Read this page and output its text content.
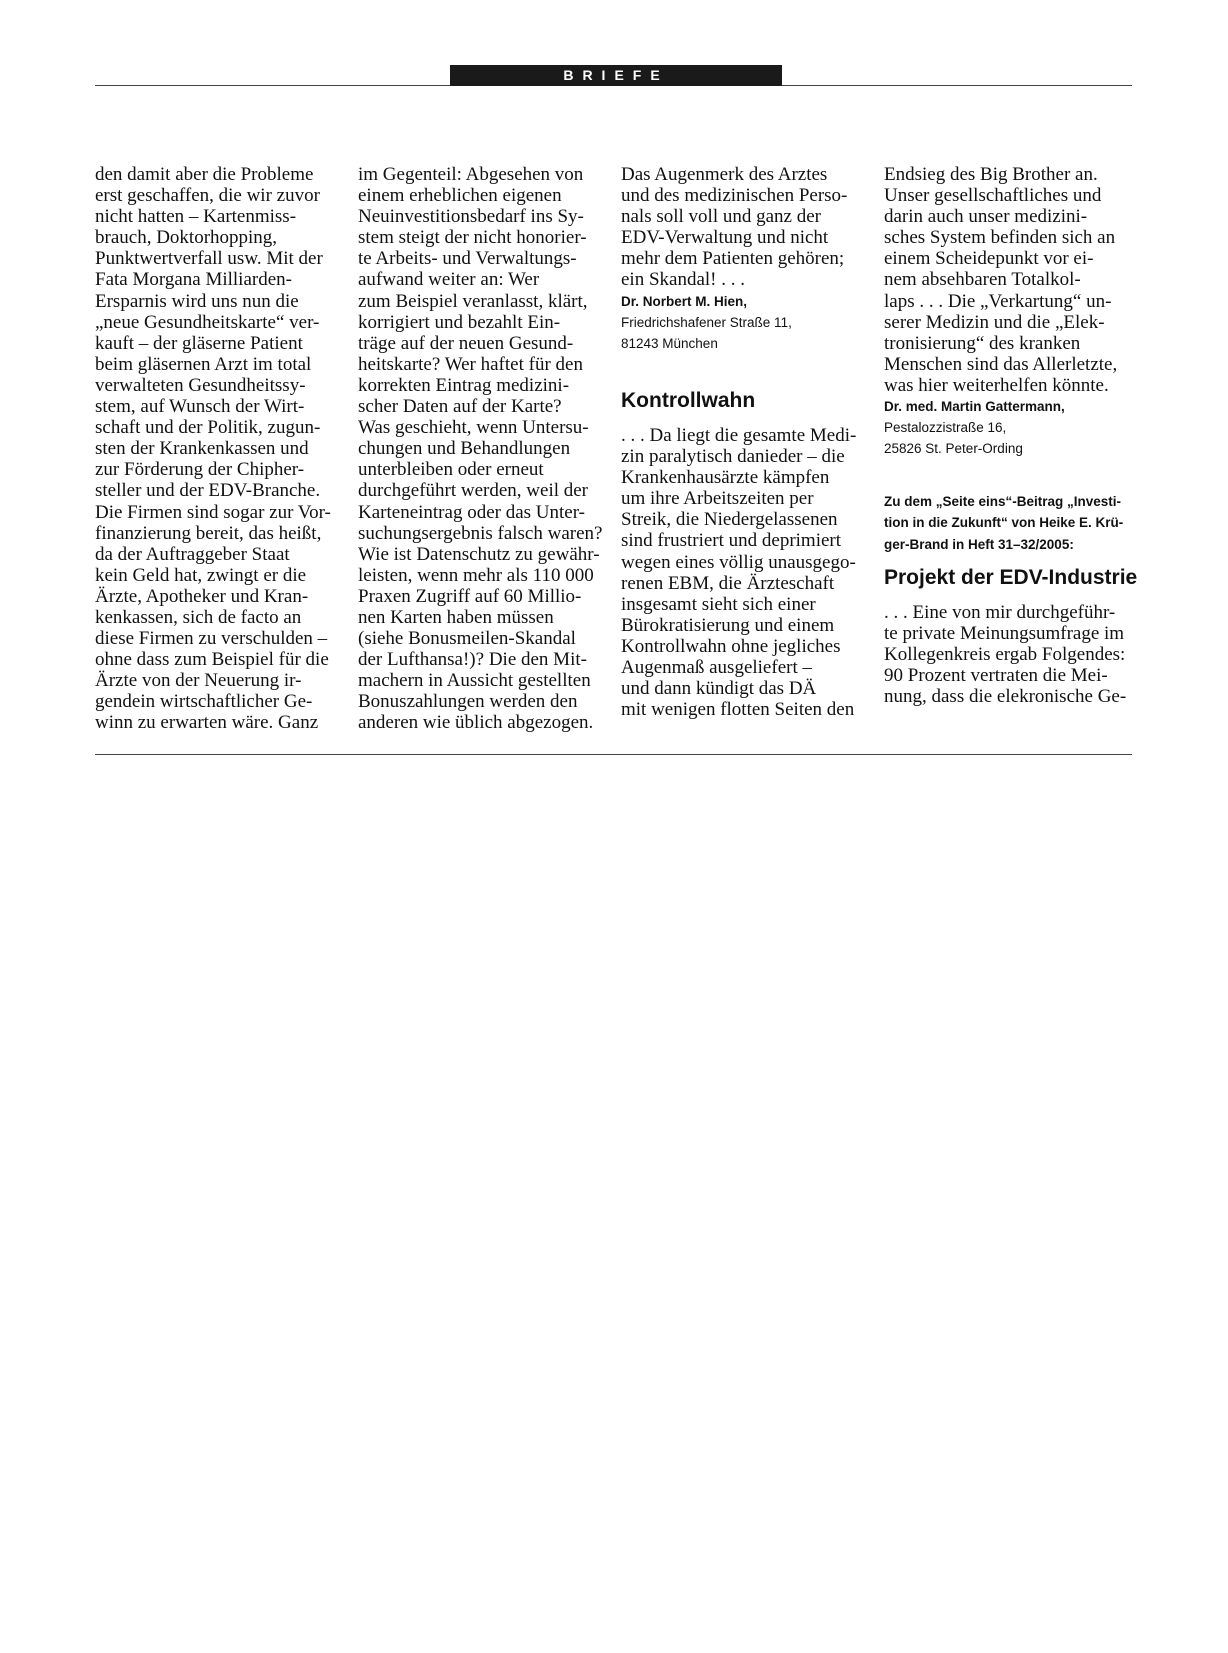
BRIEFE
den damit aber die Probleme
erst geschaffen, die wir zuvor
nicht hatten – Kartenmiss-
brauch, Doktorhopping,
Punktwertverfall usw. Mit der
Fata Morgana Milliarden-
Ersparnis wird uns nun die
„neue Gesundheitskarte“ ver-
kauft – der gläserne Patient
beim gläsernen Arzt im total
verwalteten Gesundheitssy-
stem, auf Wunsch der Wirt-
schaft und der Politik, zugun-
sten der Krankenkassen und
zur Förderung der Chipher-
steller und der EDV-Branche.
Die Firmen sind sogar zur Vor-
finanzierung bereit, das heißt,
da der Auftraggeber Staat
kein Geld hat, zwingt er die
Ärzte, Apotheker und Kran-
kenkassen, sich de facto an
diese Firmen zu verschulden –
ohne dass zum Beispiel für die
Ärzte von der Neuerung ir-
gendein wirtschaftlicher Ge-
winn zu erwarten wäre. Ganz
im Gegenteil: Abgesehen von
einem erheblichen eigenen
Neuinvestitionsbedarf ins Sy-
stem steigt der nicht honorier-
te Arbeits- und Verwaltungs-
aufwand weiter an: Wer
zum Beispiel veranlasst, klärt,
korrigiert und bezahlt Ein-
träge auf der neuen Gesund-
heitskarte? Wer haftet für den
korrekten Eintrag medizini-
scher Daten auf der Karte?
Was geschieht, wenn Untersu-
chungen und Behandlungen
unterbleiben oder erneut
durchgeführt werden, weil der
Karteneintrag oder das Unter-
suchungsergebnis falsch waren?
Wie ist Datenschutz zu gewähr-
leisten, wenn mehr als 110 000
Praxen Zugriff auf 60 Millio-
nen Karten haben müssen
(siehe Bonusmeilen-Skandal
der Lufthansa!)? Die den Mit-
machern in Aussicht gestellten
Bonuszahlungen werden den
anderen wie üblich abgezogen.
Das Augenmerk des Arztes
und des medizinischen Perso-
nals soll voll und ganz der
EDV-Verwaltung und nicht
mehr dem Patienten gehören;
ein Skandal! . . .
Dr. Norbert M. Hien,
Friedrichshafener Straße 11,
81243 München
Kontrollwahn
. . . Da liegt die gesamte Medi-
zin paralytisch danieder – die
Krankenhausärzte kämpfen
um ihre Arbeitszeiten per
Streik, die Niedergelassenen
sind frustriert und deprimiert
wegen eines völlig unausgego-
renen EBM, die Ärzteschaft
insgesamt sieht sich einer
Bürokratisierung und einem
Kontrollwahn ohne jegliches
Augenmaß ausgeliefert –
und dann kündigt das DÄ
mit wenigen flotten Seiten den
Endsieg des Big Brother an.
Unser gesellschaftliches und
darin auch unser medizini-
sches System befinden sich an
einem Scheidepunkt vor ei-
nem absehbaren Totalkol-
laps . . . Die „Verkartung“ un-
serer Medizin und die „Elek-
tronisierung“ des kranken
Menschen sind das Allerletzte,
was hier weiterhelfen könnte.
Dr. med. Martin Gattermann,
Pestalozzistraße 16,
25826 St. Peter-Ording
Zu dem „Seite eins“-Beitrag „Investi-
tion in die Zukunft“ von Heike E. Krü-
ger-Brand in Heft 31–32/2005:
Projekt der EDV-Industrie
. . . Eine von mir durchgeführ-
te private Meinungsumfrage im
Kollegenkreis ergab Folgendes:
90 Prozent vertraten die Mei-
nung, dass die elekronische Ge-
